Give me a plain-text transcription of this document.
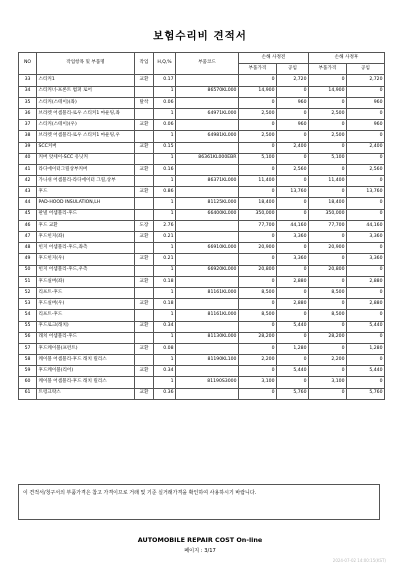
보험수리비 견적서
NO	작업항목 및 부품명	작업	H,Q,%	부품코드	손해 사정전		손해 사정후	
					부품가격	공임	부품가격	공임
33	스티커1	교환	0.17		0	2,720	0	2,720
34	스티커너-프론트 범퍼 로어		1	86570KL000	14,900	0	14,900	0
35	스티커(스테이)(좌)	탈착	0.06		0	960	0	960
36	브라켓 어셈블리-로우 스티커1 마운팅,좌		1	64971KL000	2,500	0	2,500	0
37	스티커(스테이)(우)	교환	0.06		0	960	0	960
38	브라켓 어셈블리-로우 스티커1 마운팅,우		1	64981KL000	2,500	0	2,500	0
39	SCC커버	교환	0.15		0	2,400	0	2,400
40	커버 앗세이-SCC 유닛커		1	86361KL000EBR	5,100	0	5,100	0
41	라디에이터그릴상부커버	교환	0.16		0	2,560	0	2,560
42	가니쉬 어셈블리-라디에이터 그릴,상부		1	86371KL000	11,400	0	11,400	0
43	후드	교환	0.86		0	13,760	0	13,760
44	PAD-HOOD INSULATION,LH		1	81125KL000	18,400	0	18,400	0
45	판넬 어셈블리-후드		1	66400KL000	350,000	0	350,000	0
46	후드 교환	도장	2.76		77,700	44,160	77,700	44,160
47	후드힌지(좌)	교환	0.21		0	3,360	0	3,360
48	힌지 어셈블리-후드,좌측		1	66910KL000	20,900	0	20,900	0
49	후드힌지(우)	교환	0.21		0	3,360	0	3,360
50	힌지 어셈블리-후드,우측		1	66920KL000	20,800	0	20,800	0
51	후드실버(좌)	교환	0.18		0	2,880	0	2,880
52	리프트-후드		1	81161KL000	8,500	0	8,500	0
53	후드실버(우)	교환	0.18		0	2,880	0	2,880
54	리프트-후드		1	81161KL000	8,500	0	8,500	0
55	후드로크(래치)	교환	0.34		0	5,440	0	5,440
56	래치 어셈블리-후드		1	81130KL000	28,200	0	28,200	0
57	후드케이블(프런트)	교환	0.08		0	1,280	0	1,280
58	케이블 어셈블리-후드 래치 릴리스		1	81190KL100	2,200	0	2,200	0
59	후드케이블(리어)	교환	0.34		0	5,440	0	5,440
60	케이블 어셈블리-후드 래치 릴리스		1	81190S3000	3,100	0	3,100	0
61	트렁크락스	교환	0.36		0	5,760	0	5,760
이 견적서/청구서의 부품가격은 참고 가격이므로 거래 및 기준 실거래가격을 확인하여 사용하시기 바랍니다.
AUTOMOBILE REPAIR COST On-line
페이지 : 3/17
2024-07-02 14:00:15(KST)
